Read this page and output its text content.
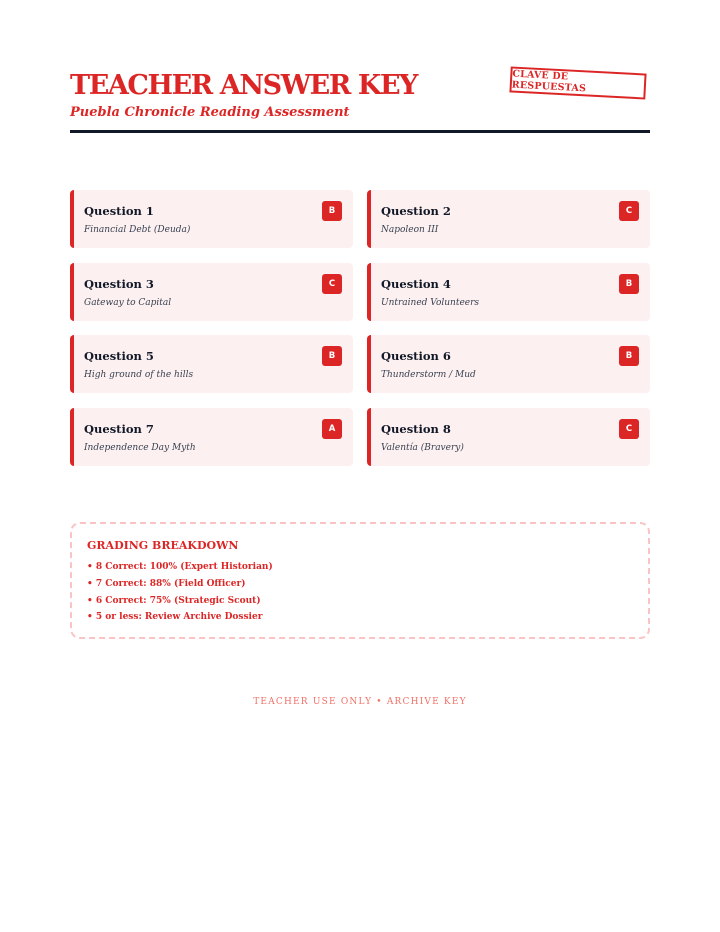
TEACHER ANSWER KEY
Puebla Chronicle Reading Assessment
CLAVE DE RESPUESTAS
Question 1
Financial Debt (Deuda)
B	Question 2
Napoleon III
C
Question 3
Gateway to Capital
C	Question 4
Untrained Volunteers
B
Question 5
High ground of the hills
B	Question 6
Thunderstorm / Mud
B
Question 7
Independence Day Myth
A	Question 8
Valentía (Bravery)
C
GRADING BREAKDOWN
• 8 Correct: 100% (Expert Historian)
• 7 Correct: 88% (Field Officer)
• 6 Correct: 75% (Strategic Scout)
• 5 or less: Review Archive Dossier
TEACHER USE ONLY • ARCHIVE KEY
